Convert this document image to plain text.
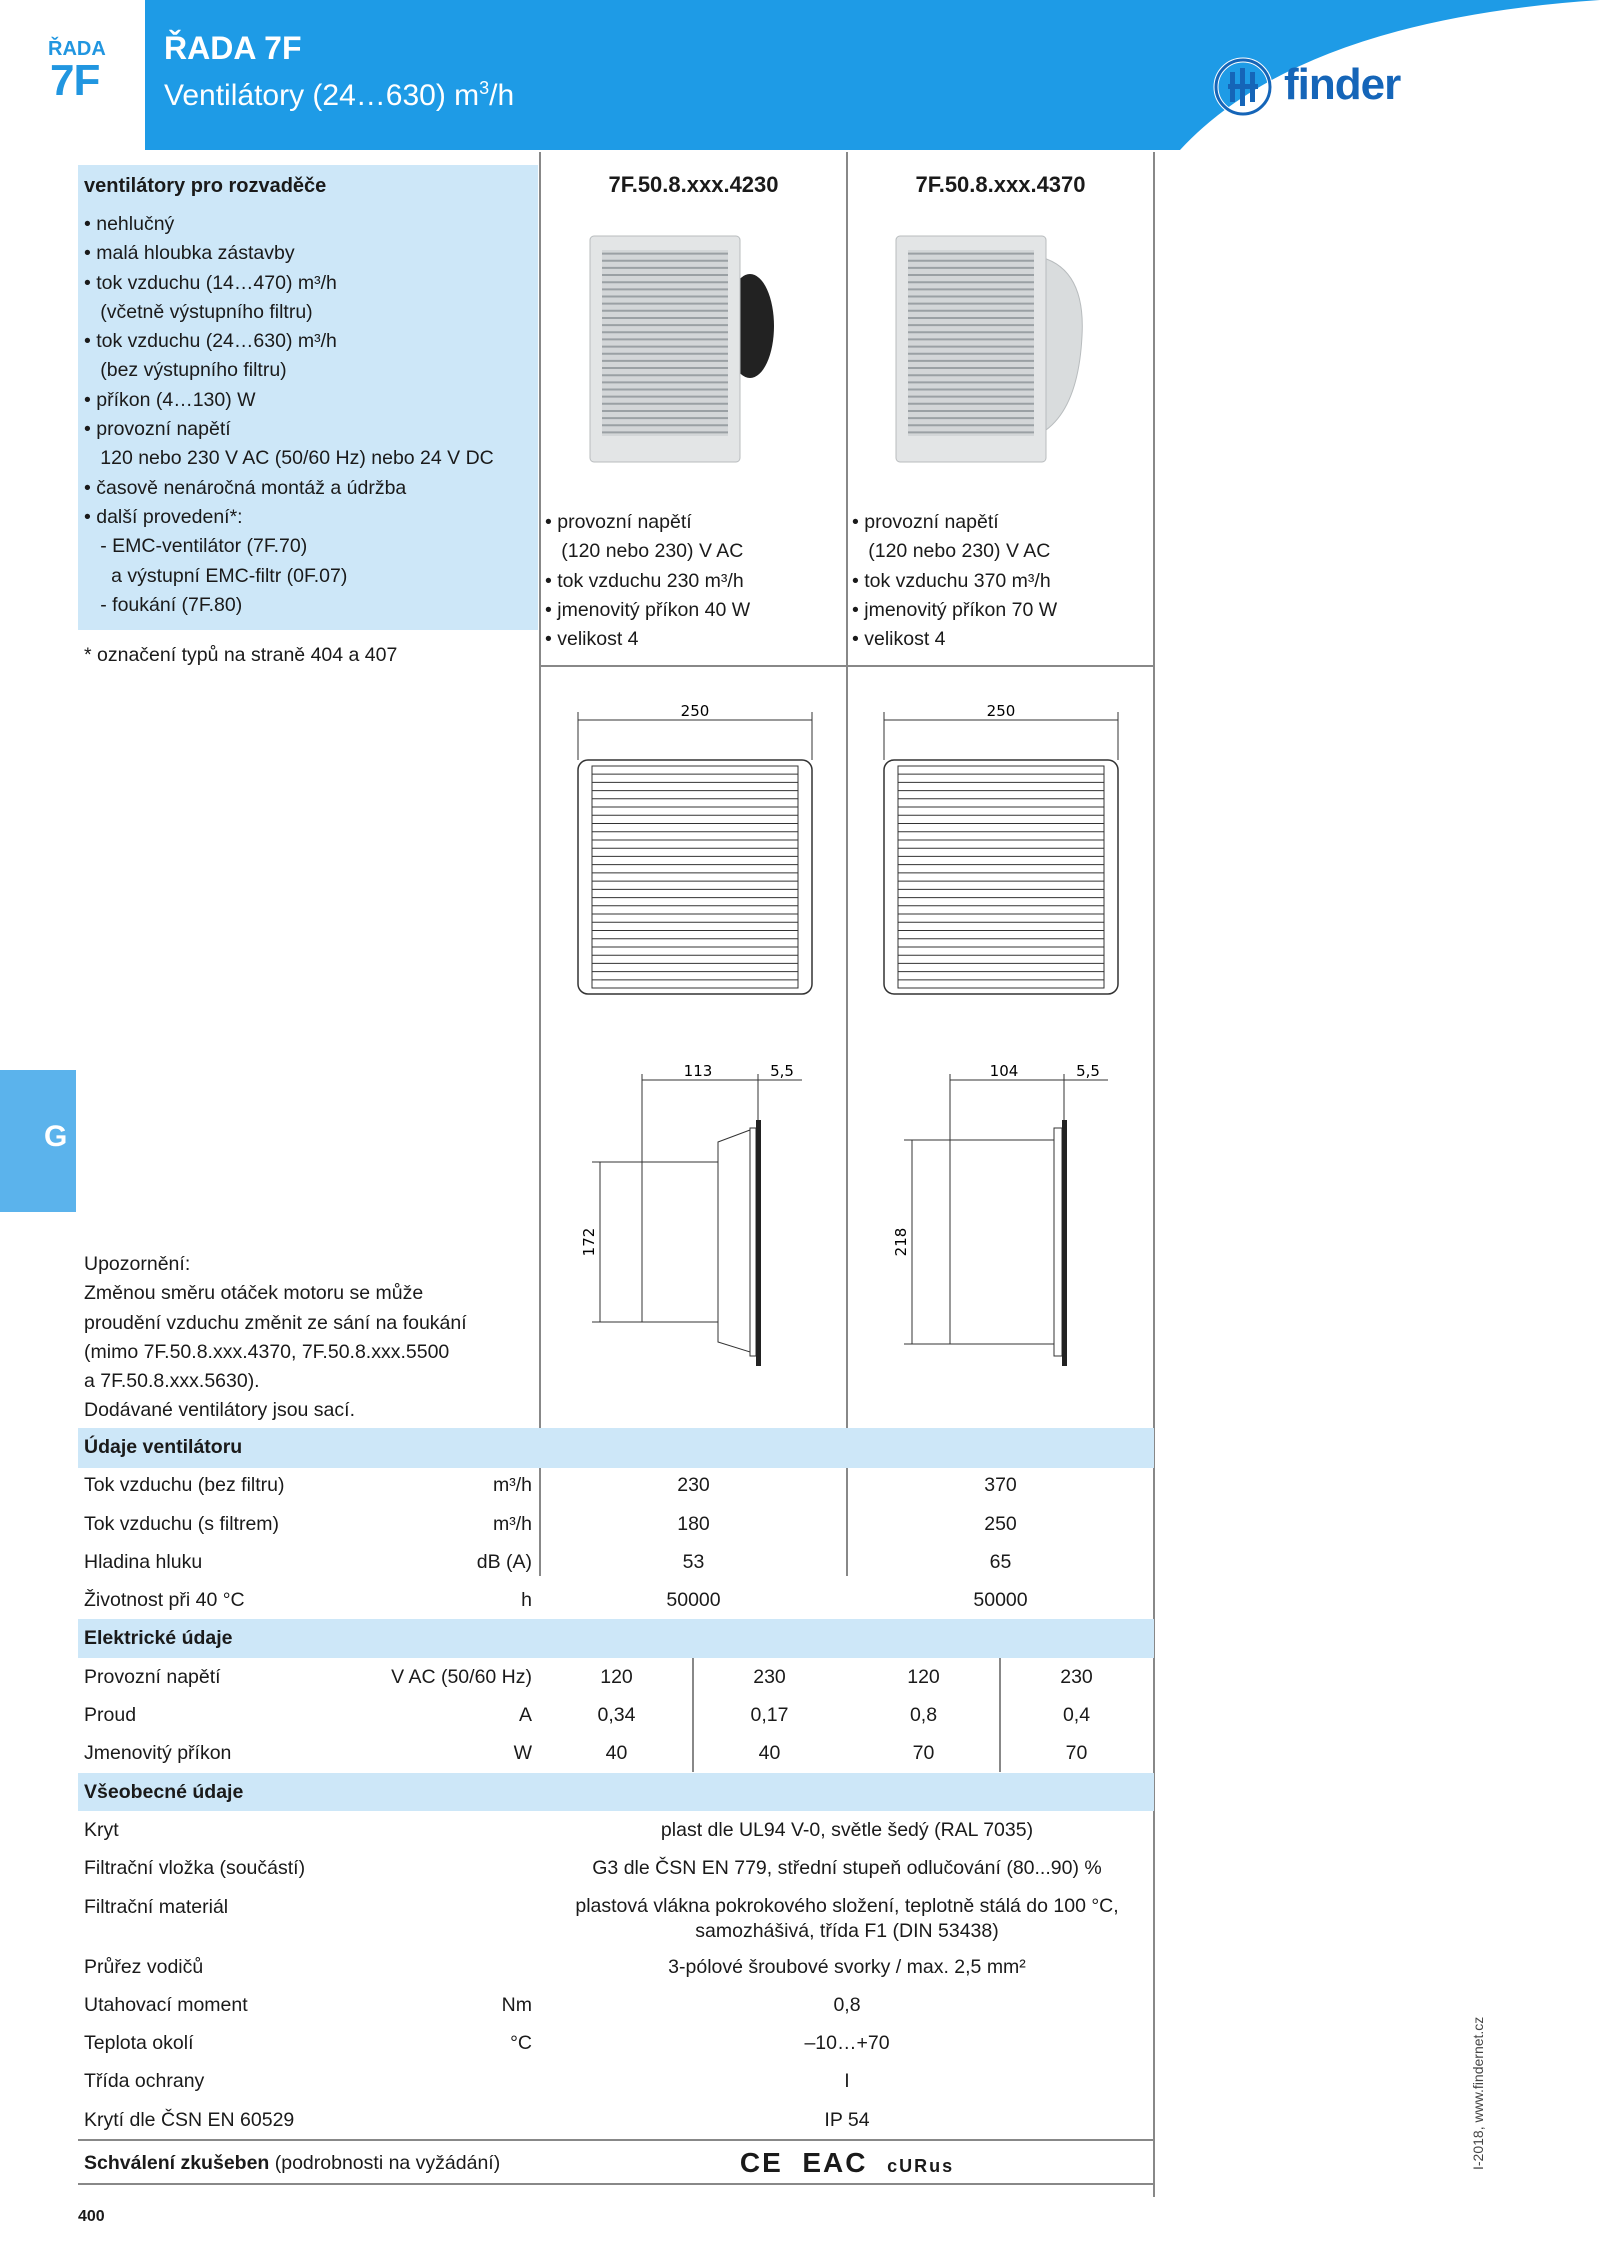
ŘADA
7F
ŘADA 7F
Ventilátory (24…630) $m^3/h$	finder
ventilátory pro rozvaděče
• nehlučný
• malá hloubka zástavby
• tok vzduchu (14…470) m³/h
(včetně výstupního filtru)
• tok vzduchu (24…630) m³/h
(bez výstupního filtru)
• příkon (4…130) W
• provozní napětí
120 nebo 230 V AC (50/60 Hz) nebo 24 V DC
• časově nenáročná montáž a údržba
• další provedení*:
- EMC-ventilátor (7F.70)
a výstupní EMC-filtr (0F.07)
- foukání (7F.80)
* označení typů na straně 404 a 407
7F.50.8.xxx.4230	7F.50.8.xxx.4370
• provozní napětí
(120 nebo 230) V AC
• tok vzduchu 230 m³/h
• jmenovitý příkon 40 W
• velikost 4
• provozní napětí
(120 nebo 230) V AC
• tok vzduchu 370 m³/h
• jmenovitý příkon 70 W
• velikost 4
250	250
113	5,5
172
104	5,5
218
G
Upozornění:
Změnou směru otáček motoru se může
proudění vzduchu změnit ze sání na foukání
(mimo 7F.50.8.xxx.4370, 7F.50.8.xxx.5500
a 7F.50.8.xxx.5630).
Dodávané ventilátory jsou sací.
Údaje ventilátoru
Tok vzduchu (bez filtru)	m³/h	230	370
Tok vzduchu (s filtrem)	m³/h	180	250
Hladina hluku	dB (A)	53	65
Životnost při 40 °C	h	50000	50000
Elektrické údaje
Provozní napětí	V AC (50/60 Hz)	120	230	120	230
Proud	A	0,34	0,17	0,8	0,4
Jmenovitý příkon	W	40	40	70	70
Všeobecné údaje
Kryt	plast dle UL94 V-0, světle šedý (RAL 7035)
Filtrační vložka (součástí)	G3 dle ČSN EN 779, střední stupeň odlučování (80...90) %
Filtrační materiál	plastová vlákna pokrokového složení, teplotně stálá do 100 °C,
samozhášivá, třída F1 (DIN 53438)
Průřez vodičů	3-pólové šroubové svorky / max. 2,5 mm²
Utahovací moment	Nm	0,8
Teplota okolí	°C	–10…+70
Třída ochrany	I
Krytí dle ČSN EN 60529	IP 54
Schválení zkušeben (podrobnosti na vyžádání)	CE EAC cURus
400
I-2018, www.findernet.cz
